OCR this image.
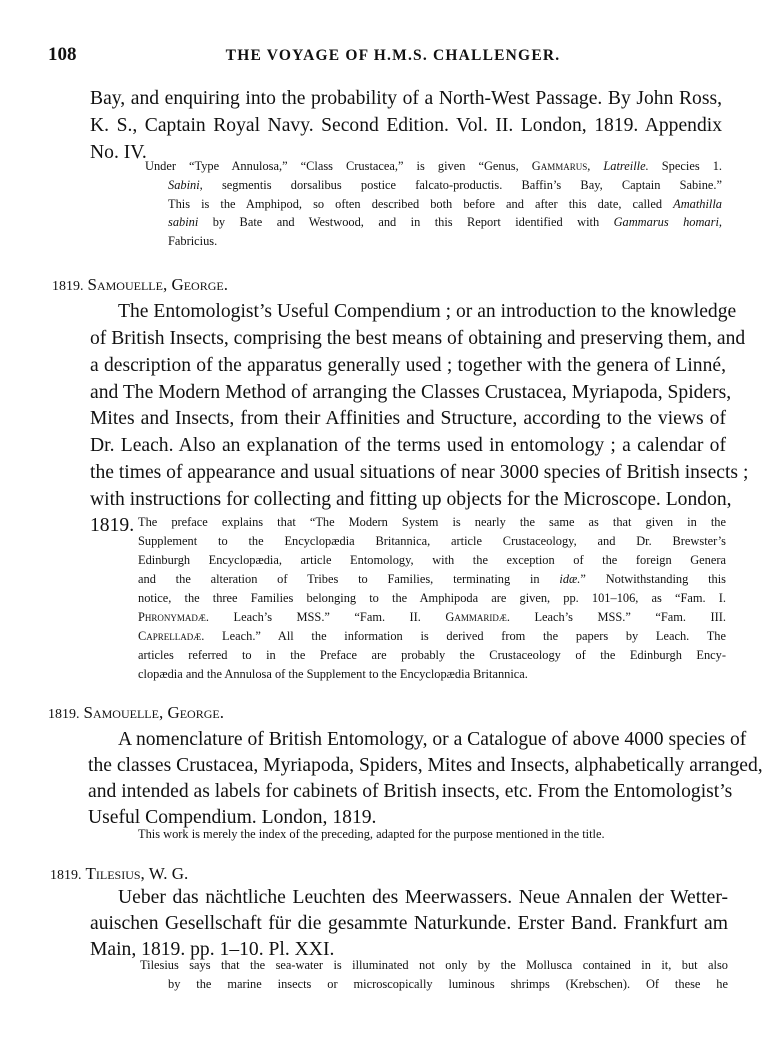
108	THE VOYAGE OF H.M.S. CHALLENGER.
Bay, and enquiring into the probability of a North-West Passage. By John Ross,
K. S., Captain Royal Navy. Second Edition. Vol. II. London, 1819. Appendix
No. IV.
Under “Type Annulosa,” “Class Crustacea,” is given “Genus, Gammarus, Latreille. Species 1.
Sabini, segmentis dorsalibus postice falcato-productis. Baffin’s Bay, Captain Sabine.”
This is the Amphipod, so often described both before and after this date, called Amathilla
sabini by Bate and Westwood, and in this Report identified with Gammarus homari,
Fabricius.
1819. Samouelle, George.
The Entomologist’s Useful Compendium ; or an introduction to the knowledge
of British Insects, comprising the best means of obtaining and preserving them, and
a description of the apparatus generally used ; together with the genera of Linné,
and The Modern Method of arranging the Classes Crustacea, Myriapoda, Spiders,
Mites and Insects, from their Affinities and Structure, according to the views of
Dr. Leach. Also an explanation of the terms used in entomology ; a calendar of
the times of appearance and usual situations of near 3000 species of British insects ;
with instructions for collecting and fitting up objects for the Microscope. London,
1819. The preface explains that “The Modern System is nearly the same as that given in the
Supplement to the Encyclopædia Britannica, article Crustaceology, and Dr. Brewster’s
Edinburgh Encyclopædia, article Entomology, with the exception of the foreign Genera
and the alteration of Tribes to Families, terminating in idæ.” Notwithstanding this
notice, the three Families belonging to the Amphipoda are given, pp. 101–106, as “Fam. I.
Phronymadæ. Leach’s MSS.” “Fam. II. Gammaridæ. Leach’s MSS.” “Fam. III.
Caprelladæ. Leach.” All the information is derived from the papers by Leach. The
articles referred to in the Preface are probably the Crustaceology of the Edinburgh Ency-
clopædia and the Annulosa of the Supplement to the Encyclopædia Britannica.
1819. Samouelle, George.
A nomenclature of British Entomology, or a Catalogue of above 4000 species of
the classes Crustacea, Myriapoda, Spiders, Mites and Insects, alphabetically arranged,
and intended as labels for cabinets of British insects, etc. From the Entomologist’s
Useful Compendium. London, 1819.
This work is merely the index of the preceding, adapted for the purpose mentioned in the title.
1819. Tilesius, W. G.
Ueber das nächtliche Leuchten des Meerwassers. Neue Annalen der Wetter-
auischen Gesellschaft für die gesammte Naturkunde. Erster Band. Frankfurt am
Main, 1819. pp. 1–10. Pl. XXI.
Tilesius says that the sea-water is illuminated not only by the Mollusca contained in it, but also
by the marine insects or microscopically luminous shrimps (Krebschen). Of these he
